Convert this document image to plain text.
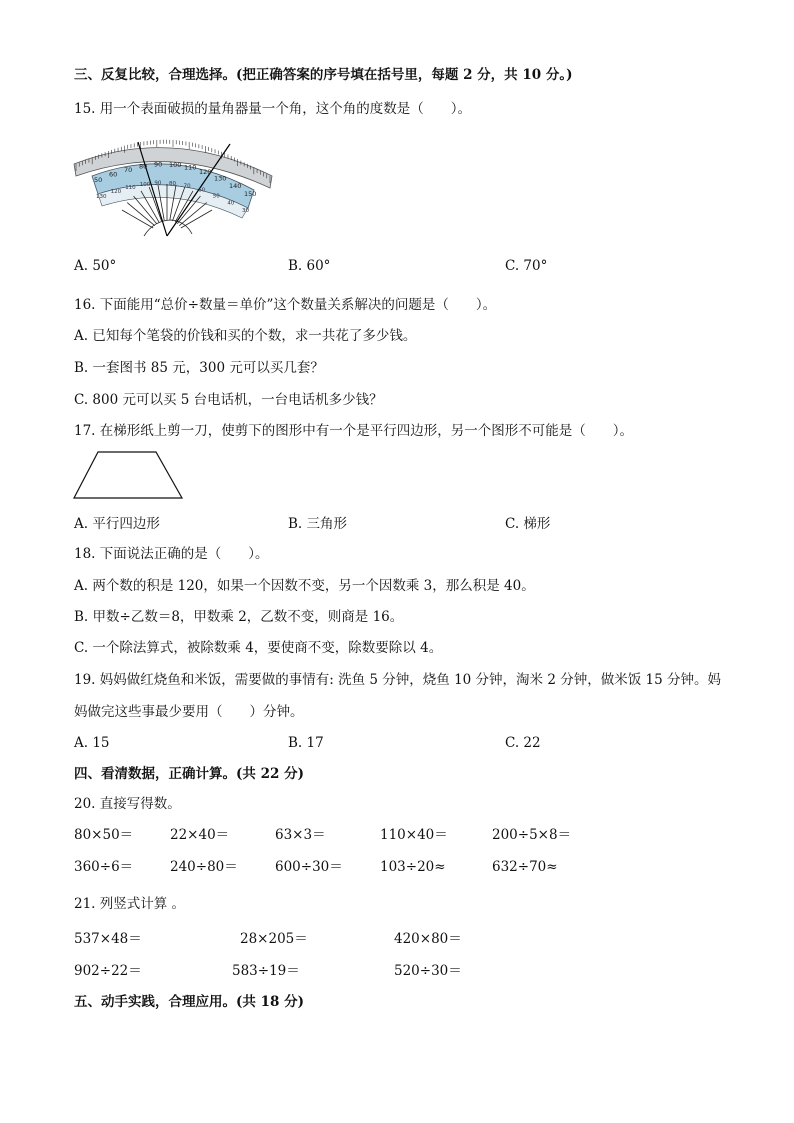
三、反复比较，合理选择。(把正确答案的序号填在括号里，每题 2 分，共 10 分。)
15. 用一个表面破损的量角器量一个角，这个角的度数是（　　）。
50
60
70 80 90 100 110
120
130
140
150
130
120
110
100 90 80 70
60
50
40
30
A. 50°	B. 60°	C. 70°
16. 下面能用“总价÷数量＝单价”这个数量关系解决的问题是（　　）。
A. 已知每个笔袋的价钱和买的个数，求一共花了多少钱。
B. 一套图书 85 元，300 元可以买几套？
C. 800 元可以买 5 台电话机，一台电话机多少钱？
17. 在梯形纸上剪一刀，使剪下的图形中有一个是平行四边形，另一个图形不可能是（　　）。
A. 平行四边形	B. 三角形	C. 梯形
18. 下面说法正确的是（　　）。
A. 两个数的积是 120，如果一个因数不变，另一个因数乘 3，那么积是 40。
B. 甲数÷乙数＝8，甲数乘 2，乙数不变，则商是 16。
C. 一个除法算式，被除数乘 4，要使商不变，除数要除以 4。
19. 妈妈做红烧鱼和米饭，需要做的事情有: 洗鱼 5 分钟，烧鱼 10 分钟，淘米 2 分钟，做米饭 15 分钟。妈
妈做完这些事最少要用（　　）分钟。
A. 15	B. 17	C. 22
四、看清数据，正确计算。(共 22 分)
20. 直接写得数。
80×50＝	22×40＝	63×3＝	110×40＝	200÷5×8＝
360÷6＝	240÷80＝	600÷30＝	103÷20≈	632÷70≈
21. 列竖式计算 。
537×48＝	28×205＝	420×80＝
902÷22＝	583÷19＝	520÷30＝
五、动手实践，合理应用。(共 18 分)
